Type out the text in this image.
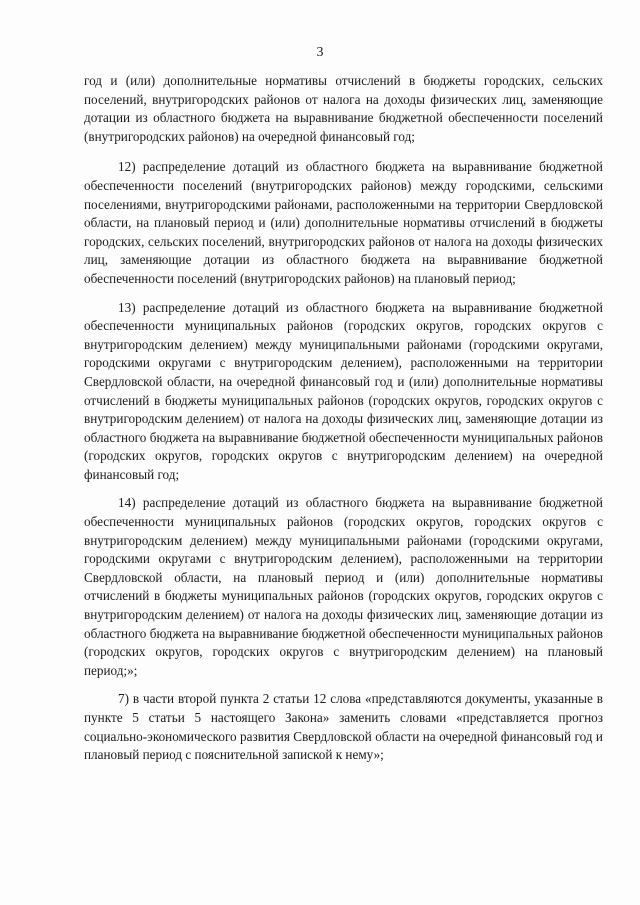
3

год и (или) дополнительные нормативы отчислений в бюджеты городских, сельских поселений, внутригородских районов от налога на доходы физических лиц, заменяющие дотации из областного бюджета на выравнивание бюджетной обеспеченности поселений (внутригородских районов) на очередной финансовый год;

12) распределение дотаций из областного бюджета на выравнивание бюджетной обеспеченности поселений (внутригородских районов) между городскими, сельскими поселениями, внутригородскими районами, расположенными на территории Свердловской области, на плановый период и (или) дополнительные нормативы отчислений в бюджеты городских, сельских поселений, внутригородских районов от налога на доходы физических лиц, заменяющие дотации из областного бюджета на выравнивание бюджетной обеспеченности поселений (внутригородских районов) на плановый период;

13) распределение дотаций из областного бюджета на выравнивание бюджетной обеспеченности муниципальных районов (городских округов, городских округов с внутригородским делением) между муниципальными районами (городскими округами, городскими округами с внутригородским делением), расположенными на территории Свердловской области, на очередной финансовый год и (или) дополнительные нормативы отчислений в бюджеты муниципальных районов (городских округов, городских округов с внутригородским делением) от налога на доходы физических лиц, заменяющие дотации из областного бюджета на выравнивание бюджетной обеспеченности муниципальных районов (городских округов, городских округов с внутригородским делением) на очередной финансовый год;

14) распределение дотаций из областного бюджета на выравнивание бюджетной обеспеченности муниципальных районов (городских округов, городских округов с внутригородским делением) между муниципальными районами (городскими округами, городскими округами с внутригородским делением), расположенными на территории Свердловской области, на плановый период и (или) дополнительные нормативы отчислений в бюджеты муниципальных районов (городских округов, городских округов с внутригородским делением) от налога на доходы физических лиц, заменяющие дотации из областного бюджета на выравнивание бюджетной обеспеченности муниципальных районов (городских округов, городских округов с внутригородским делением) на плановый период;»;

7) в части второй пункта 2 статьи 12 слова «представляются документы, указанные в пункте 5 статьи 5 настоящего Закона» заменить словами «представляется прогноз социально-экономического развития Свердловской области на очередной финансовый год и плановый период с пояснительной запиской к нему»;
